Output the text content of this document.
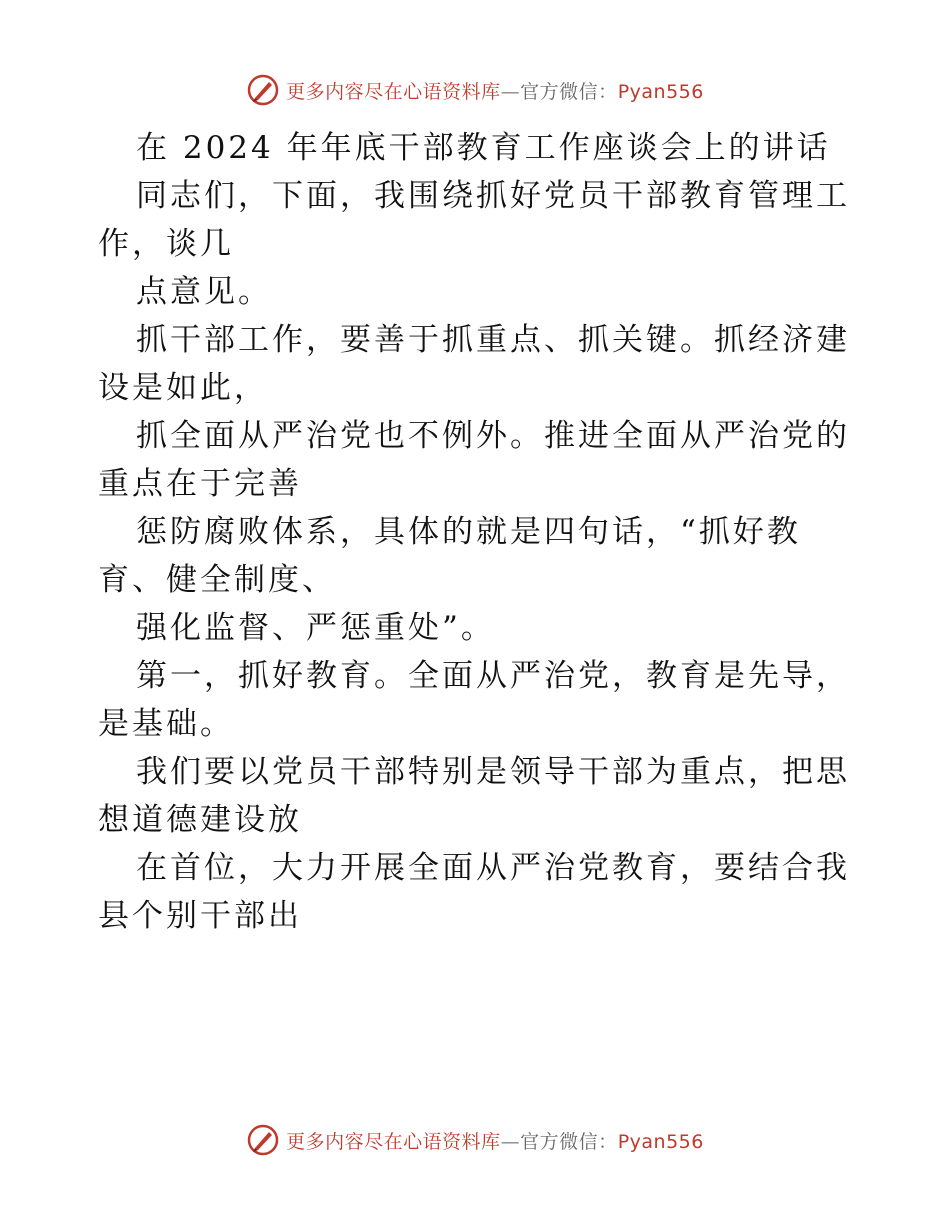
更多内容尽在心语资料库—官方微信：Pyan556
在 2024 年年底干部教育工作座谈会上的讲话
同志们，下面，我围绕抓好党员干部教育管理工
作，谈几
点意见。
抓干部工作，要善于抓重点、抓关键。抓经济建
设是如此，
抓全面从严治党也不例外。推进全面从严治党的
重点在于完善
惩防腐败体系，具体的就是四句话，“抓好教
育、健全制度、
强化监督、严惩重处”。
第一，抓好教育。全面从严治党，教育是先导，
是基础。
我们要以党员干部特别是领导干部为重点，把思
想道德建设放
在首位，大力开展全面从严治党教育，要结合我
县个别干部出
更多内容尽在心语资料库—官方微信：Pyan556
